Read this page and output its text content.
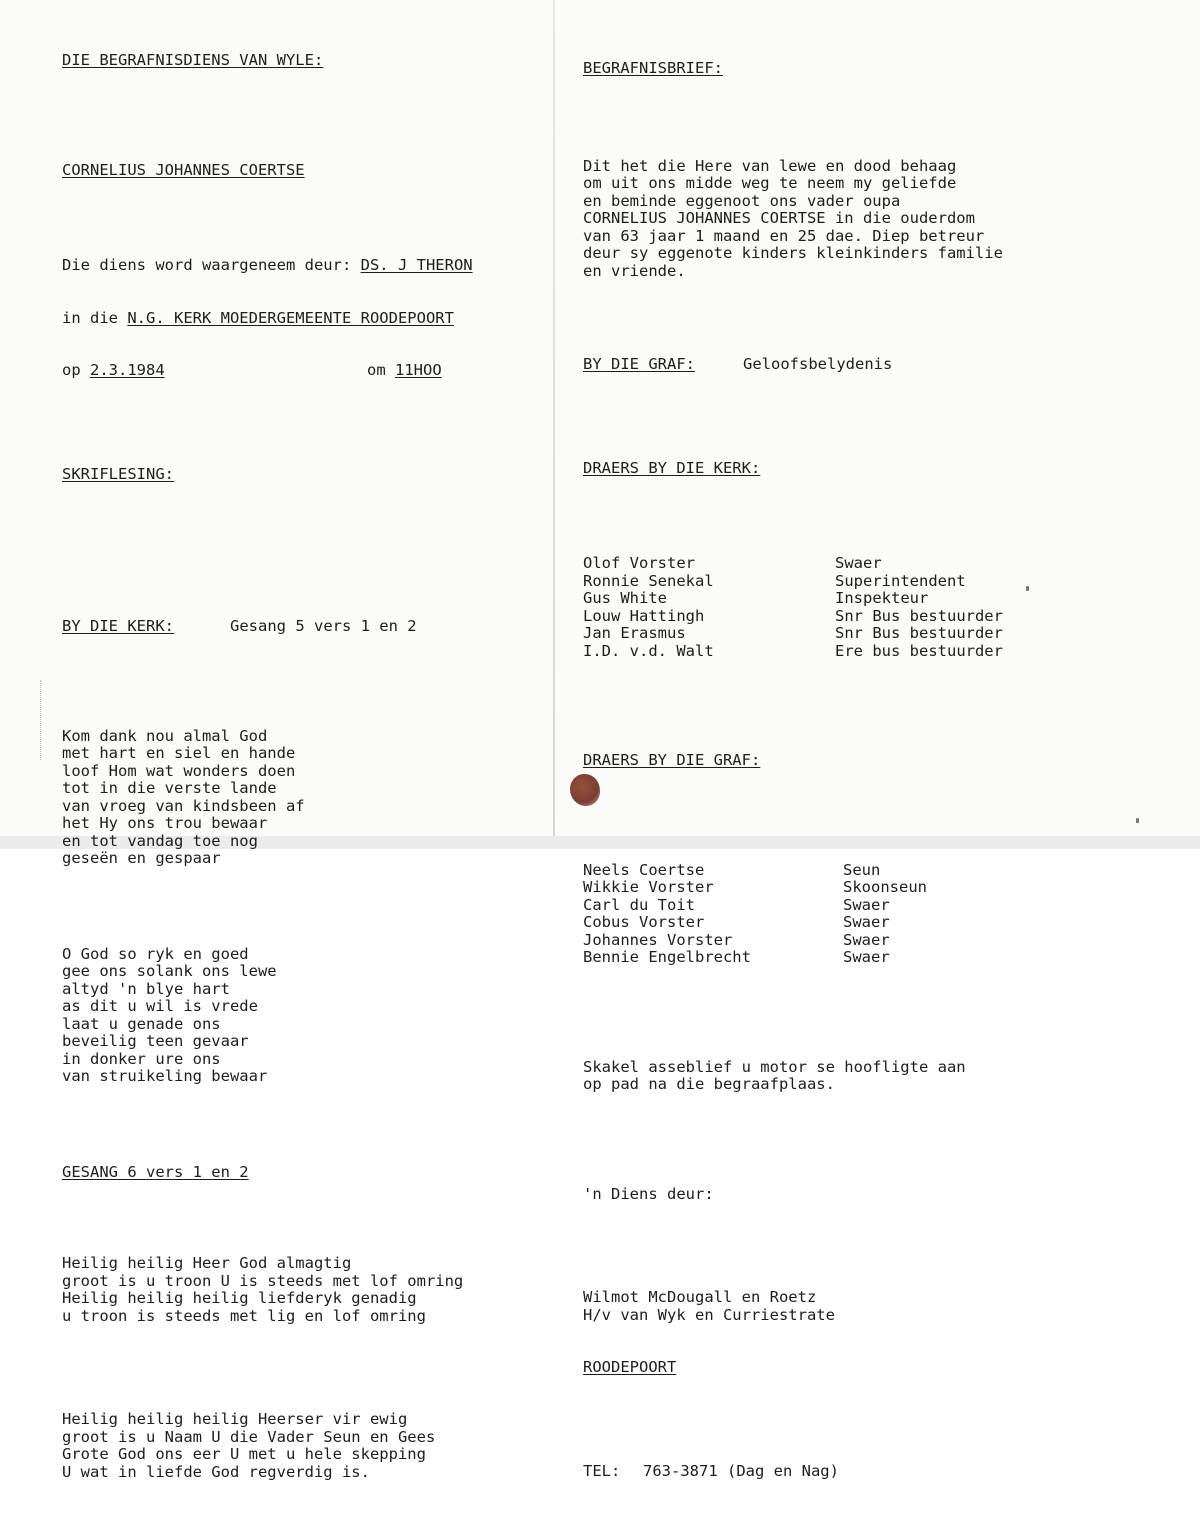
DIE BEGRAFNISDIENS VAN WYLE:

CORNELIUS JOHANNES COERTSE

Die diens word waargeneem deur: DS. J THERON

in die N.G. KERK MOEDERGEMEENTE ROODEPOORT

op 2.3.1984	om 11HOO

SKRIFLESING:

BY DIE KERK:	Gesang 5 vers 1 en 2

Kom dank nou almal God
met hart en siel en hande
loof Hom wat wonders doen
tot in die verste lande
van vroeg van kindsbeen af
het Hy ons trou bewaar
en tot vandag toe nog
geseën en gespaar

O God so ryk en goed
gee ons solank ons lewe
altyd 'n blye hart
as dit u wil is vrede
laat u genade ons
beveilig teen gevaar
in donker ure ons
van struikeling bewaar

GESANG 6 vers 1 en 2

Heilig heilig Heer God almagtig
groot is u troon U is steeds met lof omring
Heilig heilig heilig liefderyk genadig
u troon is steeds met lig en lof omring

Heilig heilig heilig Heerser vir ewig
groot is u Naam U die Vader Seun en Gees
Grote God ons eer U met u hele skepping
U wat in liefde God regverdig is.

BEGRAFNISBRIEF:

Dit het die Here van lewe en dood behaag
om uit ons midde weg te neem my geliefde
en beminde eggenoot ons vader oupa
CORNELIUS JOHANNES COERTSE in die ouderdom
van 63 jaar 1 maand en 25 dae. Diep betreur
deur sy eggenote kinders kleinkinders familie
en vriende.

BY DIE GRAF:	Geloofsbelydenis

DRAERS BY DIE KERK:

Olof Vorster	Swaer
Ronnie Senekal	Superintendent
Gus White	Inspekteur
Louw Hattingh	Snr Bus bestuurder
Jan Erasmus	Snr Bus bestuurder
I.D. v.d. Walt	Ere bus bestuurder

DRAERS BY DIE GRAF:

Neels Coertse	Seun
Wikkie Vorster	Skoonseun
Carl du Toit	Swaer
Cobus Vorster	Swaer
Johannes Vorster	Swaer
Bennie Engelbrecht	Swaer

Skakel asseblief u motor se hoofligte aan
op pad na die begraafplaas.

'n Diens deur:

Wilmot McDougall en Roetz
H/v van Wyk en Curriestrate

ROODEPOORT

TEL: 763-3871 (Dag en Nag)
